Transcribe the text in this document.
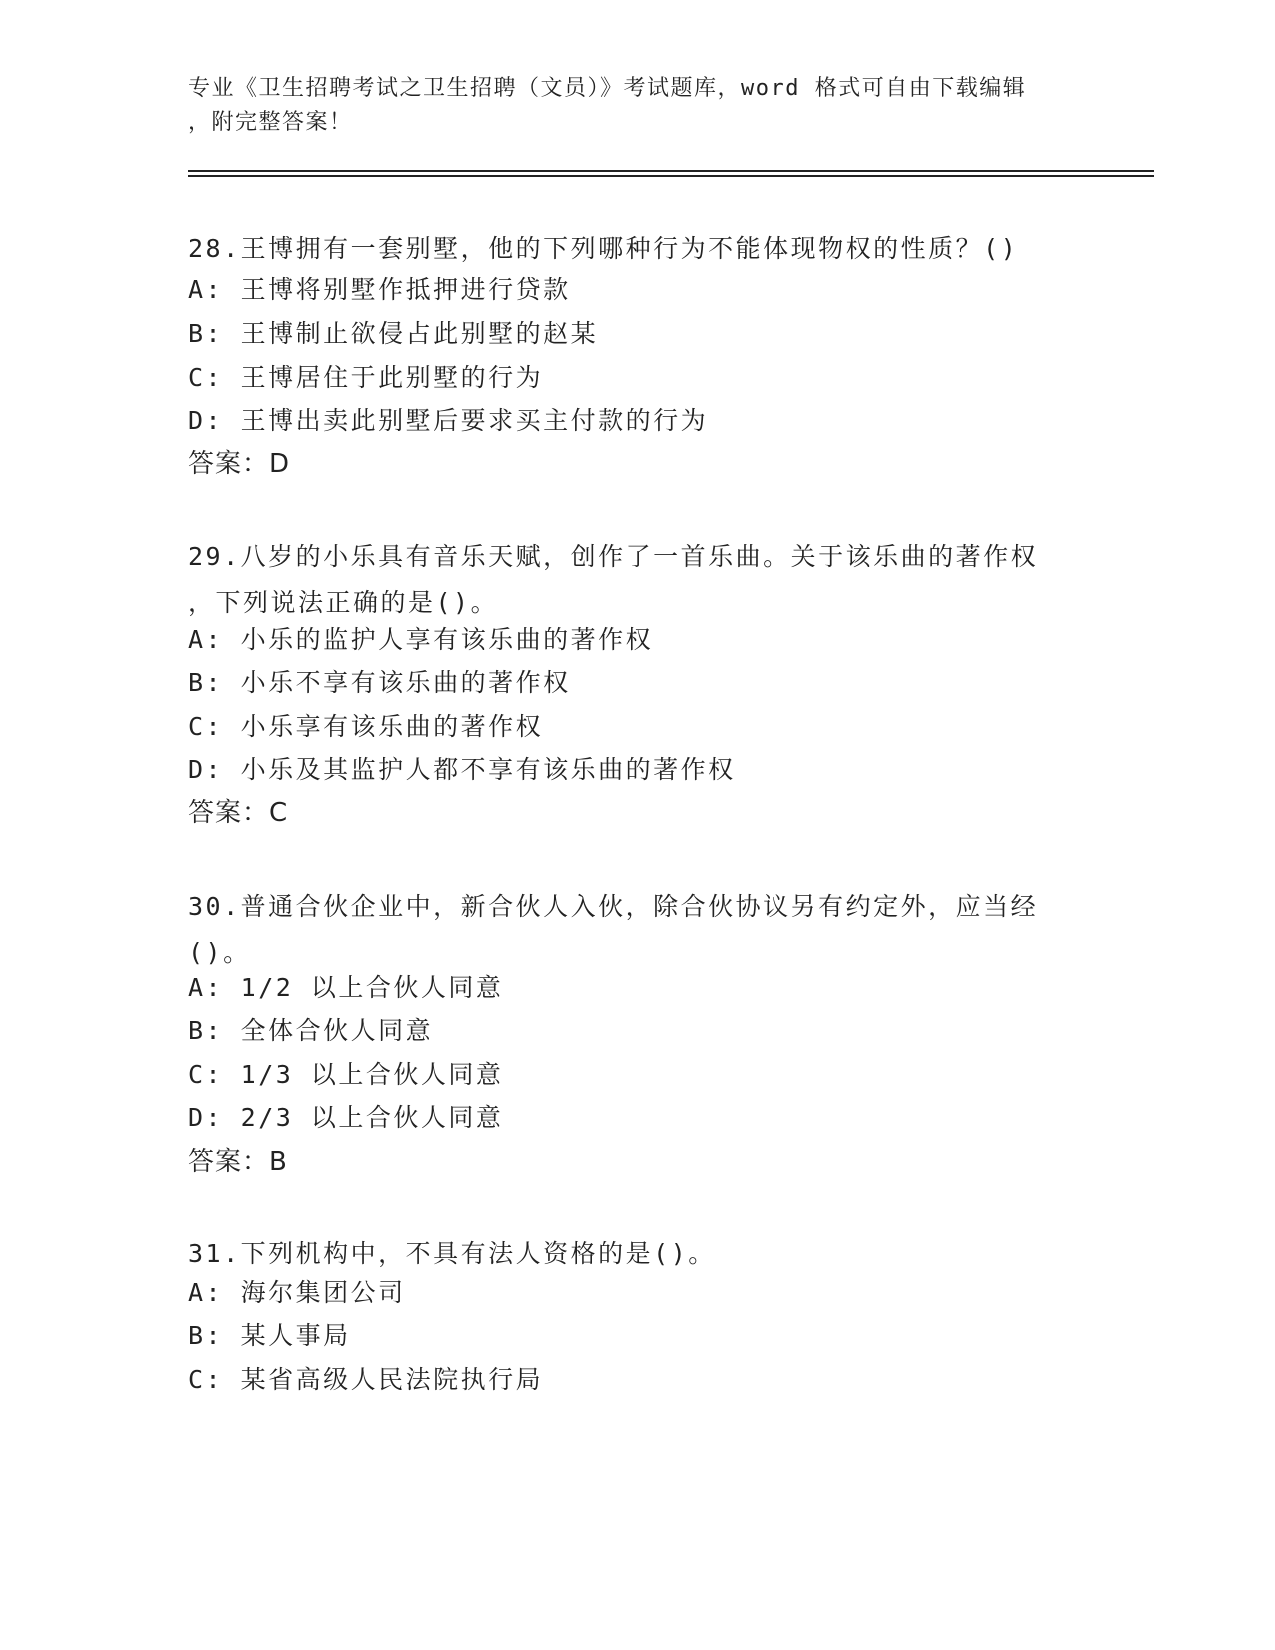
专业《卫生招聘考试之卫生招聘（文员）》考试题库，word 格式可自由下载编辑
，附完整答案！
28.王博拥有一套别墅，他的下列哪种行为不能体现物权的性质？()
A: 王博将别墅作抵押进行贷款
B: 王博制止欲侵占此别墅的赵某
C: 王博居住于此别墅的行为
D: 王博出卖此别墅后要求买主付款的行为
答案：D
29.八岁的小乐具有音乐天赋，创作了一首乐曲。关于该乐曲的著作权
，下列说法正确的是()。
A: 小乐的监护人享有该乐曲的著作权
B: 小乐不享有该乐曲的著作权
C: 小乐享有该乐曲的著作权
D: 小乐及其监护人都不享有该乐曲的著作权
答案：C
30.普通合伙企业中，新合伙人入伙，除合伙协议另有约定外，应当经
()。
A: 1/2 以上合伙人同意
B: 全体合伙人同意
C: 1/3 以上合伙人同意
D: 2/3 以上合伙人同意
答案：B
31.下列机构中，不具有法人资格的是()。
A: 海尔集团公司
B: 某人事局
C: 某省高级人民法院执行局
